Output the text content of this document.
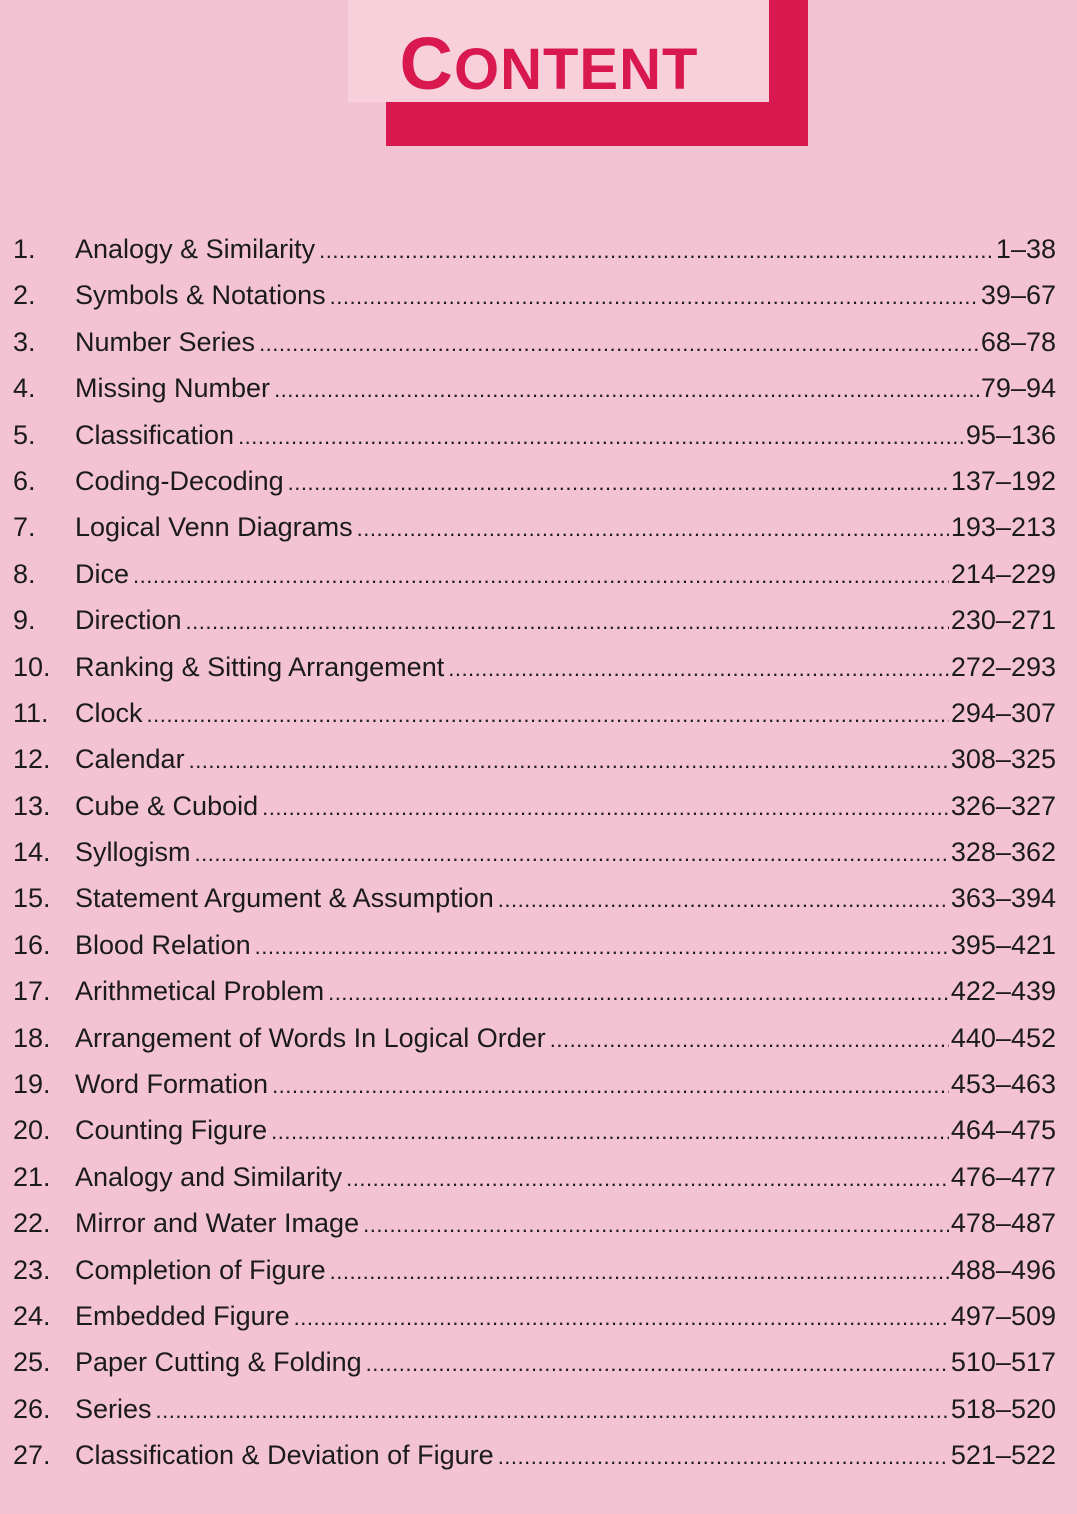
CONTENT
1. Analogy & Similarity .....	1–38
2. Symbols & Notations .....	39–67
3. Number Series .....	68–78
4. Missing Number .....	79–94
5. Classification .....	95–136
6. Coding-Decoding .....	137–192
7. Logical Venn Diagrams .....	193–213
8. Dice .....	214–229
9. Direction .....	230–271
10. Ranking & Sitting Arrangement .....	272–293
11. Clock .....	294–307
12. Calendar .....	308–325
13. Cube & Cuboid .....	326–327
14. Syllogism .....	328–362
15. Statement Argument & Assumption .....	363–394
16. Blood Relation .....	395–421
17. Arithmetical Problem .....	422–439
18. Arrangement of Words In Logical Order .....	440–452
19. Word Formation .....	453–463
20. Counting Figure .....	464–475
21. Analogy and Similarity .....	476–477
22. Mirror and Water Image .....	478–487
23. Completion of Figure .....	488–496
24. Embedded Figure .....	497–509
25. Paper Cutting & Folding .....	510–517
26. Series .....	518–520
27. Classification & Deviation of Figure .....	521–522
